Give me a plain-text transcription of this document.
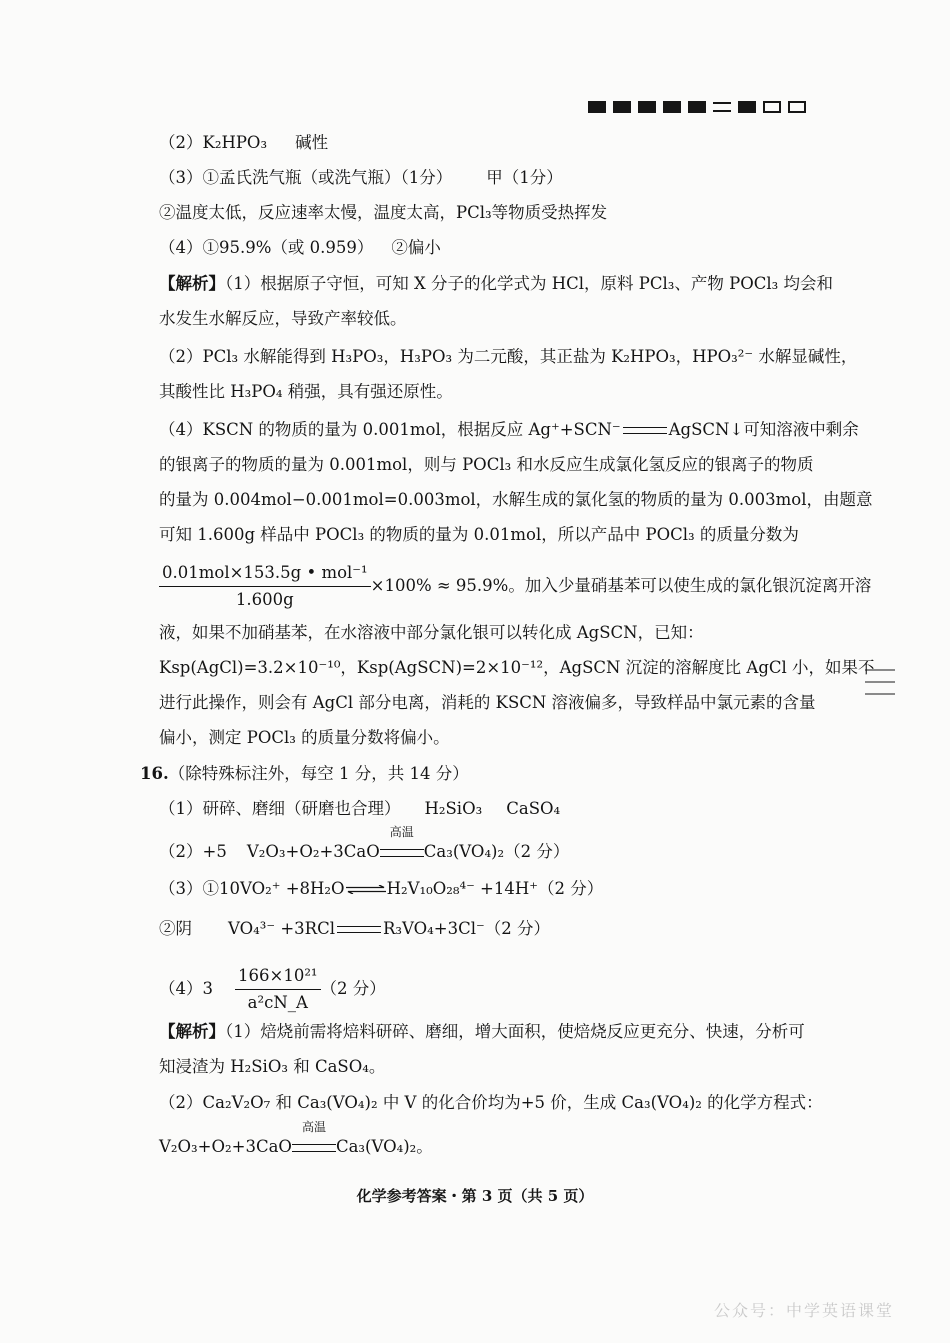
（2）K₂HPO₃ 碱性
（3）①孟氏洗气瓶（或洗气瓶）（1分） 甲（1分）
②温度太低，反应速率太慢，温度太高，PCl₃等物质受热挥发
（4）①95.9%（或 0.959） ②偏小
【解析】（1）根据原子守恒，可知 X 分子的化学式为 HCl，原料 PCl₃、产物 POCl₃ 均会和
水发生水解反应，导致产率较低。
（2）PCl₃ 水解能得到 H₃PO₃，H₃PO₃ 为二元酸，其正盐为 K₂HPO₃，HPO₃²⁻ 水解显碱性，
其酸性比 H₃PO₄ 稍强，具有强还原性。
（4）KSCN 的物质的量为 0.001mol，根据反应 Ag⁺+SCN⁻	AgSCN↓可知溶液中剩余
的银离子的物质的量为 0.001mol，则与 POCl₃ 和水反应生成氯化氢反应的银离子的物质
的量为 0.004mol−0.001mol=0.003mol，水解生成的氯化氢的物质的量为 0.003mol，由题意
可知 1.600g 样品中 POCl₃ 的物质的量为 0.01mol，所以产品中 POCl₃ 的质量分数为
$\frac{\text{0.01mol×153.5g • mol⁻¹}}{1.600g} \times 100\% \approx 95.9\%$。加入少量硝基苯可以使生成的氯化银沉淀离开溶
液，如果不加硝基苯，在水溶液中部分氯化银可以转化成 AgSCN，已知：
Ksp(AgCl)=3.2×10⁻¹⁰，Ksp(AgSCN)=2×10⁻¹²，AgSCN 沉淀的溶解度比 AgCl 小，如果不
进行此操作，则会有 AgCl 部分电离，消耗的 KSCN 溶液偏多，导致样品中氯元素的含量
偏小，测定 POCl₃ 的质量分数将偏小。
16.（除特殊标注外，每空 1 分，共 14 分）
（1）研碎、磨细（研磨也合理） H₂SiO₃ CaSO₄
（2）+5 V₂O₃+O₂+3CaO
高温
Ca₃(VO₄)₂（2 分）
（3）①10VO₂⁺ +8H₂O⇌H₂V₁₀O₂₈⁴⁻ +14H⁺（2 分）
②阴 VO₄³⁻ +3RCl	R₃VO₄+3Cl⁻（2 分）
$(4)3 \frac{\text{166×10²¹}}{\text{a²cN\_A}} (2$ 分）
【解析】（1）焙烧前需将焙料研碎、磨细，增大面积，使焙烧反应更充分、快速，分析可
知浸渣为 H₂SiO₃ 和 CaSO₄。
（2）Ca₂V₂O₇ 和 Ca₃(VO₄)₂ 中 V 的化合价均为+5 价，生成 Ca₃(VO₄)₂ 的化学方程式：
V₂O₃+O₂+3CaO
高温
Ca₃(VO₄)₂。
化学参考答案・第 3 页（共 5 页）
公众号：中学英语课堂
